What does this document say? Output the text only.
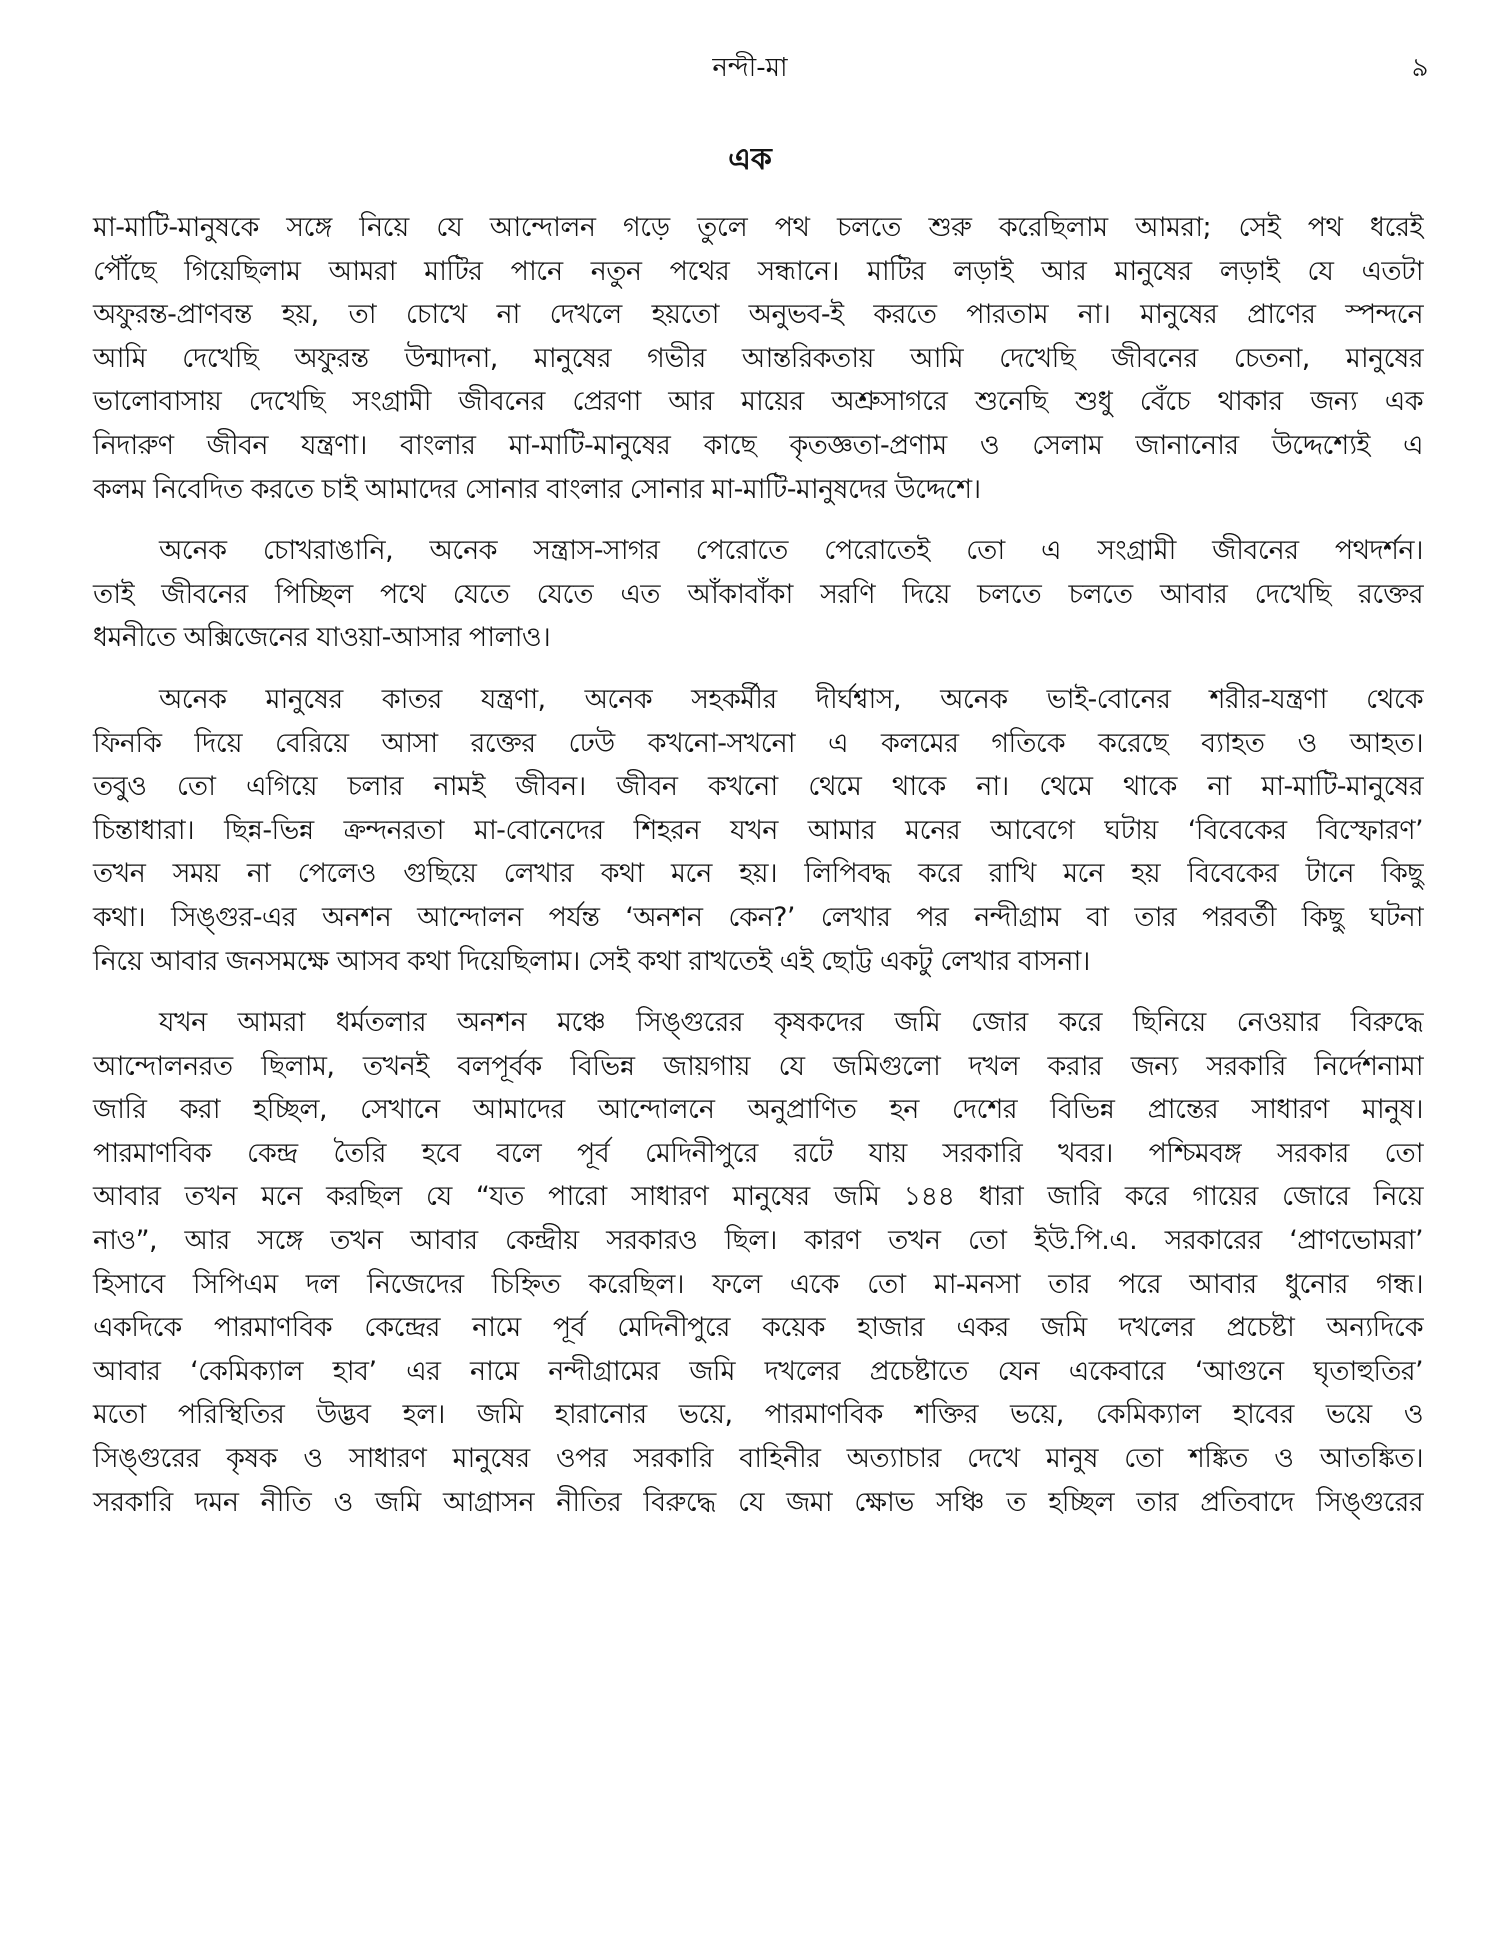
নন্দী-মা	৯
এক
মা-মাটি-মানুষকে সঙ্গে নিয়ে যে আন্দোলন গড়ে তুলে পথ চলতে শুরু করেছিলাম আমরা; সেই পথ ধরেই
পৌঁছে গিয়েছিলাম আমরা মাটির পানে নতুন পথের সন্ধানে। মাটির লড়াই আর মানুষের লড়াই যে এতটা
অফুরন্ত-প্রাণবন্ত হয়, তা চোখে না দেখলে হয়তো অনুভব-ই করতে পারতাম না। মানুষের প্রাণের স্পন্দনে
আমি দেখেছি অফুরন্ত উন্মাদনা, মানুষের গভীর আন্তরিকতায় আমি দেখেছি জীবনের চেতনা, মানুষের
ভালোবাসায় দেখেছি সংগ্রামী জীবনের প্রেরণা আর মায়ের অশ্রুসাগরে শুনেছি শুধু বেঁচে থাকার জন্য এক
নিদারুণ জীবন যন্ত্রণা। বাংলার মা-মাটি-মানুষের কাছে কৃতজ্ঞতা-প্রণাম ও সেলাম জানানোর উদ্দেশ্যেই এ
কলম নিবেদিত করতে চাই আমাদের সোনার বাংলার সোনার মা-মাটি-মানুষদের উদ্দেশে।
অনেক চোখরাঙানি, অনেক সন্ত্রাস-সাগর পেরোতে পেরোতেই তো এ সংগ্রামী জীবনের পথদর্শন।
তাই জীবনের পিচ্ছিল পথে যেতে যেতে এত আঁকাবাঁকা সরণি দিয়ে চলতে চলতে আবার দেখেছি রক্তের
ধমনীতে অক্সিজেনের যাওয়া-আসার পালাও।
অনেক মানুষের কাতর যন্ত্রণা, অনেক সহকর্মীর দীর্ঘশ্বাস, অনেক ভাই-বোনের শরীর-যন্ত্রণা থেকে
ফিনকি দিয়ে বেরিয়ে আসা রক্তের ঢেউ কখনো-সখনো এ কলমের গতিকে করেছে ব্যাহত ও আহত।
তবুও তো এগিয়ে চলার নামই জীবন। জীবন কখনো থেমে থাকে না। থেমে থাকে না মা-মাটি-মানুষের
চিন্তাধারা। ছিন্ন-ভিন্ন ক্রন্দনরতা মা-বোনেদের শিহরন যখন আমার মনের আবেগে ঘটায় ‘বিবেকের বিস্ফোরণ’
তখন সময় না পেলেও গুছিয়ে লেখার কথা মনে হয়। লিপিবদ্ধ করে রাখি মনে হয় বিবেকের টানে কিছু
কথা। সিঙ্গুর-এর অনশন আন্দোলন পর্যন্ত ‘অনশন কেন?’ লেখার পর নন্দীগ্রাম বা তার পরবর্তী কিছু ঘটনা
নিয়ে আবার জনসমক্ষে আসব কথা দিয়েছিলাম। সেই কথা রাখতেই এই ছোট্ট একটু লেখার বাসনা।
যখন আমরা ধর্মতলার অনশন মঞ্চে সিঙ্গুরের কৃষকদের জমি জোর করে ছিনিয়ে নেওয়ার বিরুদ্ধে
আন্দোলনরত ছিলাম, তখনই বলপূর্বক বিভিন্ন জায়গায় যে জমিগুলো দখল করার জন্য সরকারি নির্দেশনামা
জারি করা হচ্ছিল, সেখানে আমাদের আন্দোলনে অনুপ্রাণিত হন দেশের বিভিন্ন প্রান্তের সাধারণ মানুষ।
পারমাণবিক কেন্দ্র তৈরি হবে বলে পূর্ব মেদিনীপুরে রটে যায় সরকারি খবর। পশ্চিমবঙ্গ সরকার তো
আবার তখন মনে করছিল যে “যত পারো সাধারণ মানুষের জমি ১৪৪ ধারা জারি করে গায়ের জোরে নিয়ে
নাও”, আর সঙ্গে তখন আবার কেন্দ্রীয় সরকারও ছিল। কারণ তখন তো ইউ.পি.এ. সরকারের ‘প্রাণভোমরা’
হিসাবে সিপিএম দল নিজেদের চিহ্নিত করেছিল। ফলে একে তো মা-মনসা তার পরে আবার ধুনোর গন্ধ।
একদিকে পারমাণবিক কেন্দ্রের নামে পূর্ব মেদিনীপুরে কয়েক হাজার একর জমি দখলের প্রচেষ্টা অন্যদিকে
আবার ‘কেমিক্যাল হাব’ এর নামে নন্দীগ্রামের জমি দখলের প্রচেষ্টাতে যেন একেবারে ‘আগুনে ঘৃতাহুতির’
মতো পরিস্থিতির উদ্ভব হল। জমি হারানোর ভয়ে, পারমাণবিক শক্তির ভয়ে, কেমিক্যাল হাবের ভয়ে ও
সিঙ্গুরের কৃষক ও সাধারণ মানুষের ওপর সরকারি বাহিনীর অত্যাচার দেখে মানুষ তো শঙ্কিত ও আতঙ্কিত।
সরকারি দমন নীতি ও জমি আগ্রাসন নীতির বিরুদ্ধে যে জমা ক্ষোভ সঞ্চি ত হচ্ছিল তার প্রতিবাদে সিঙ্গুরের
